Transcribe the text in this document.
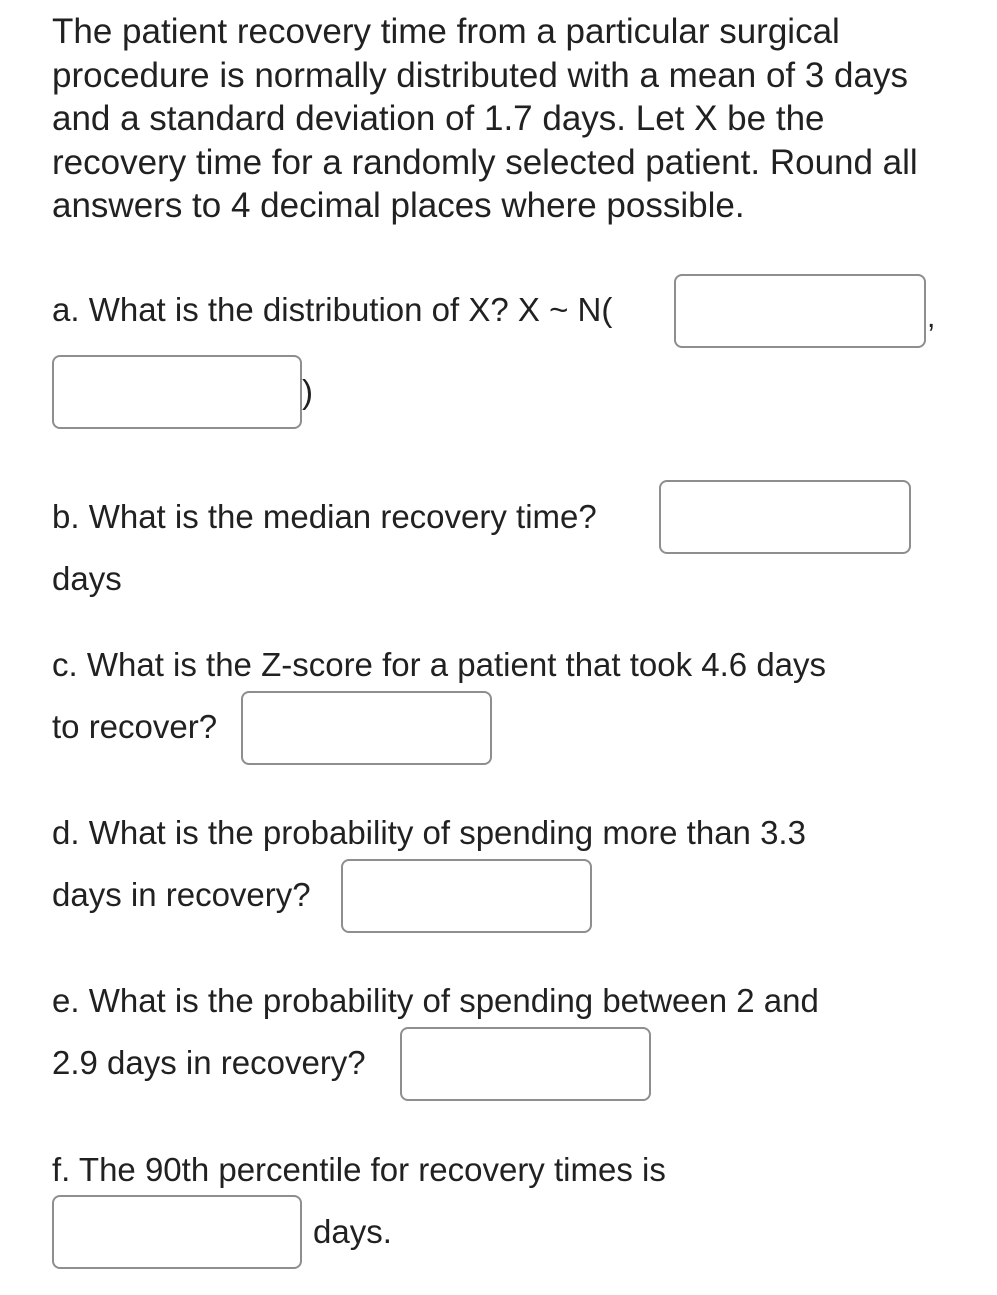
The patient recovery time from a particular surgical procedure is normally distributed with a mean of 3 days and a standard deviation of 1.7 days. Let X be the recovery time for a randomly selected patient. Round all answers to 4 decimal places where possible.

a. What is the distribution of X? X ~ N(	,
)
b. What is the median recovery time?
days
c. What is the Z-score for a patient that took 4.6 days
to recover?
d. What is the probability of spending more than 3.3
days in recovery?
e. What is the probability of spending between 2 and
2.9 days in recovery?
f. The 90th percentile for recovery times is
days.
